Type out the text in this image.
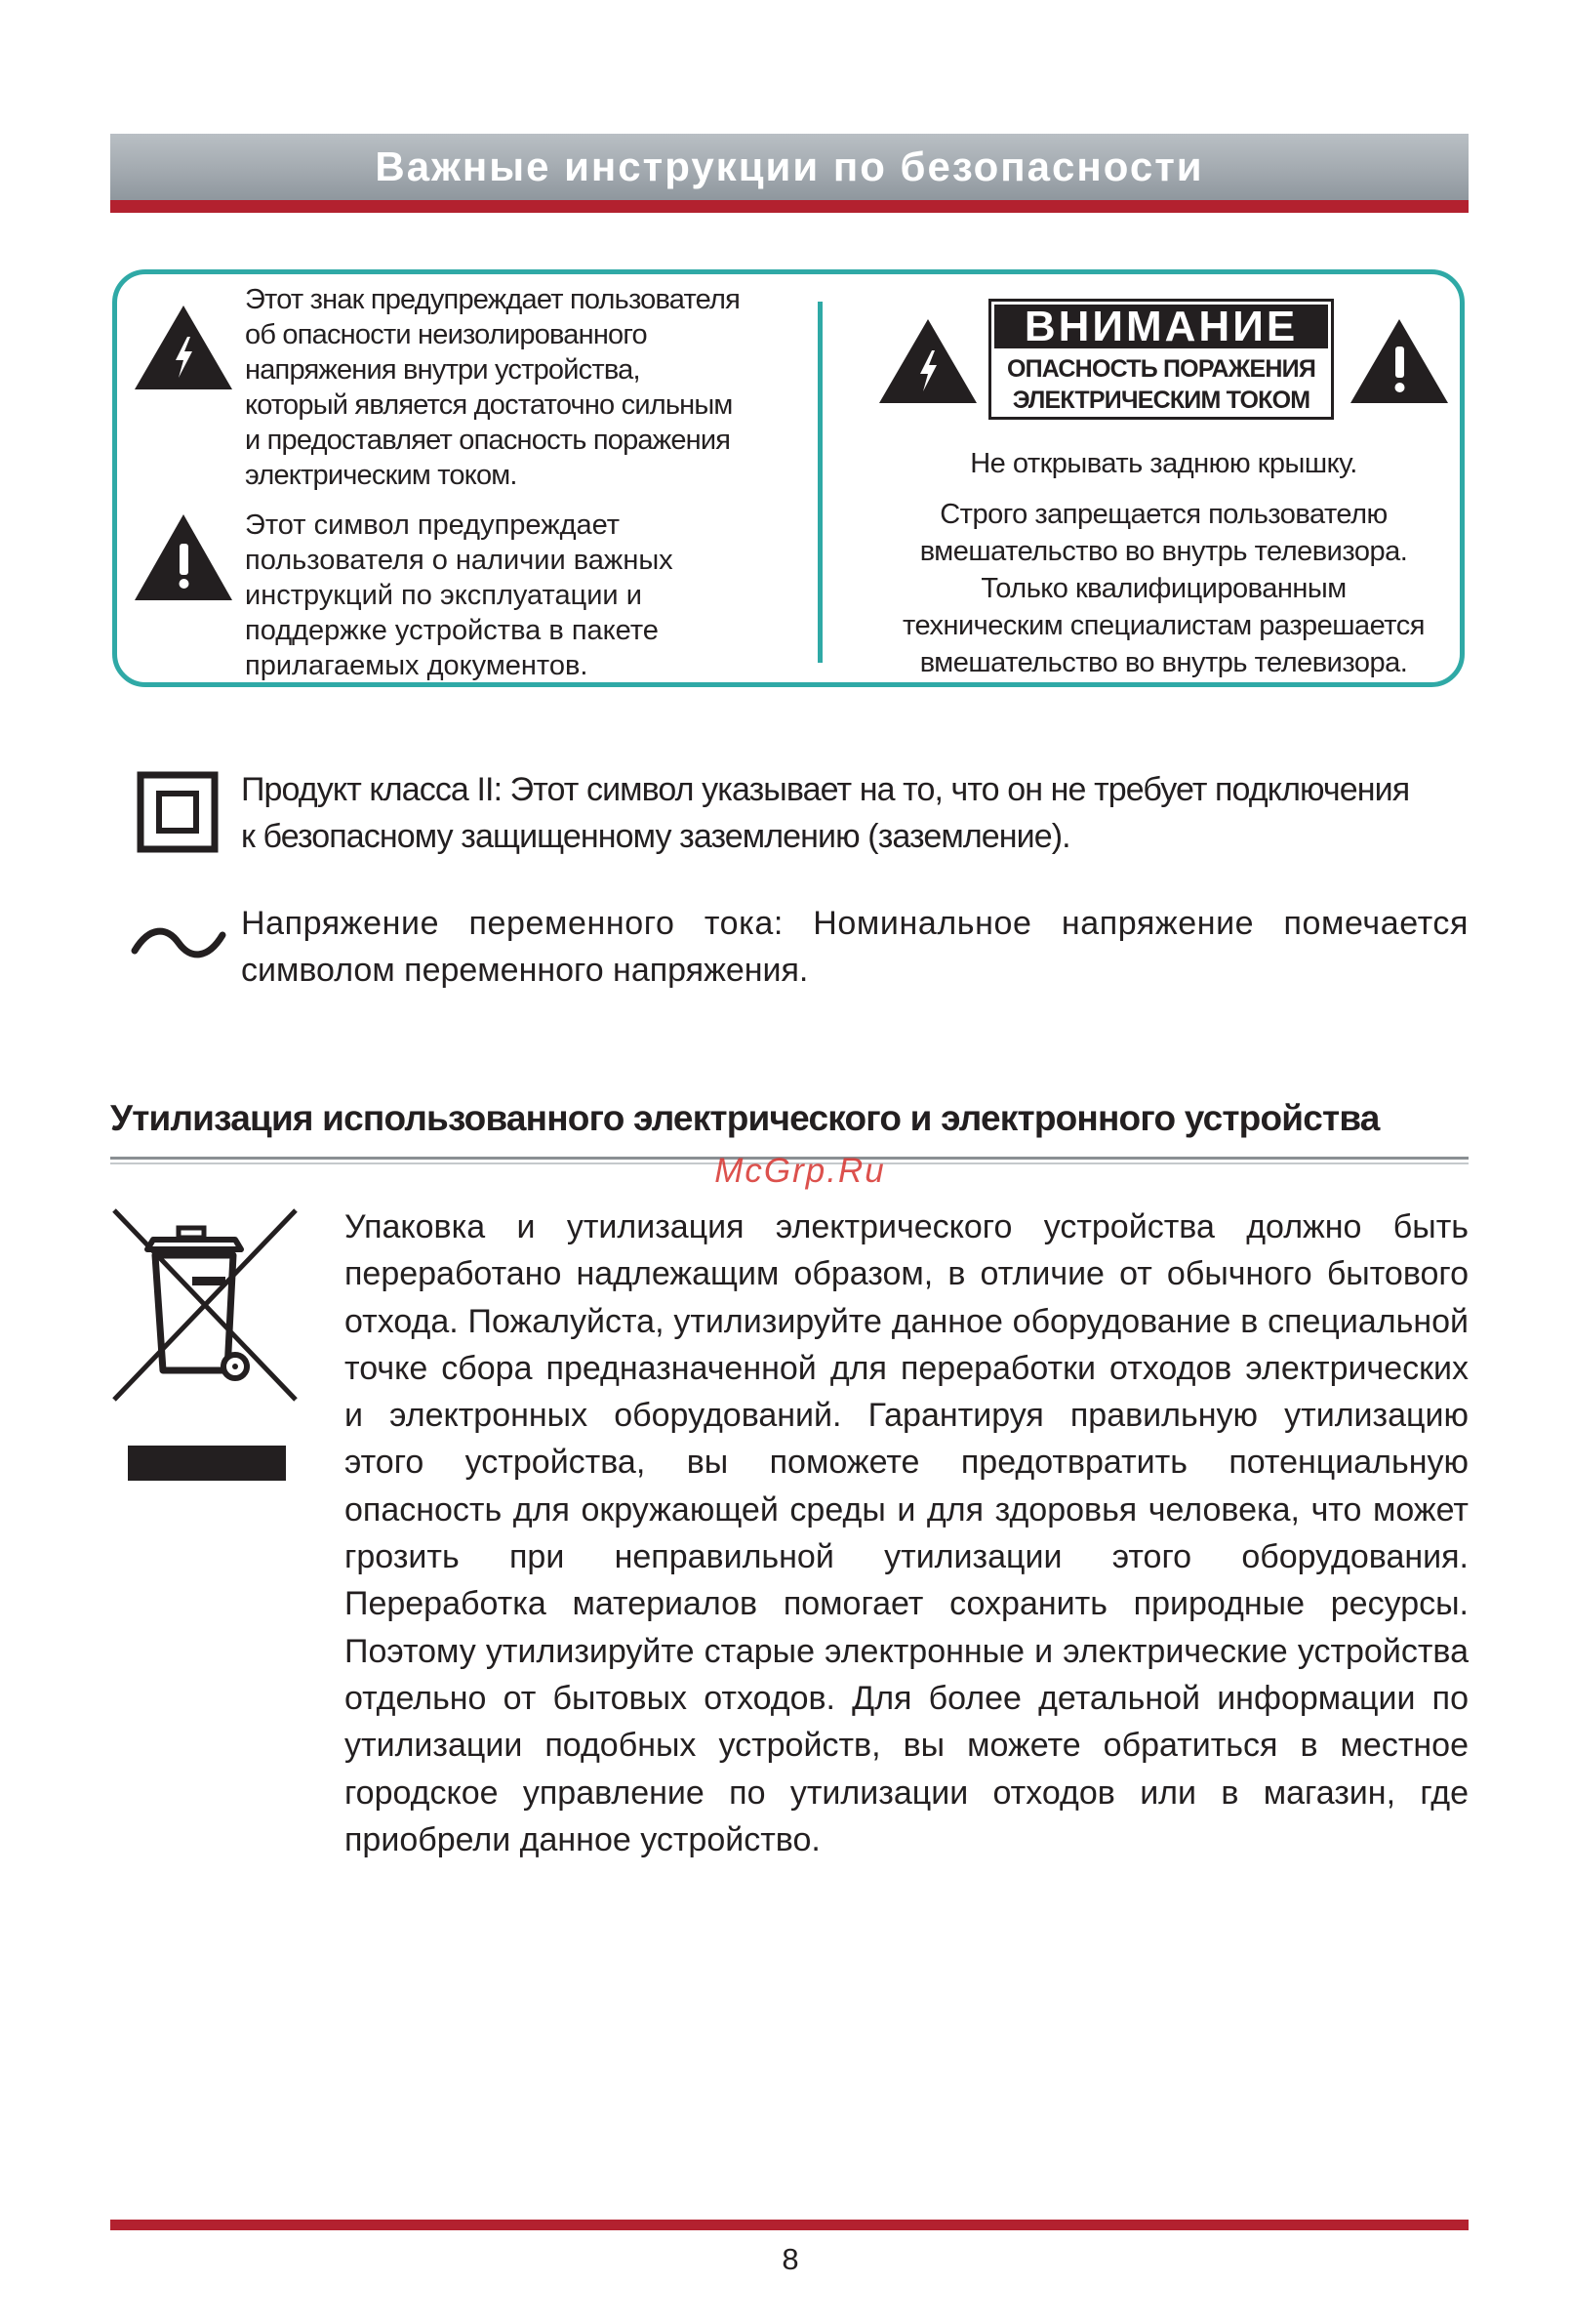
Важные инструкции по безопасности
Этот знак предупреждает пользователя
об опасности неизолированного
напряжения внутри устройства,
который является достаточно сильным
и предоставляет опасность поражения
электрическим током.
Этот символ предупреждает
пользователя о наличии важных
инструкций по эксплуатации и
поддержке устройства в пакете
прилагаемых документов.
ВНИМАНИЕ
ОПАСНОСТЬ ПОРАЖЕНИЯ
ЭЛЕКТРИЧЕСКИМ ТОКОМ
Не открывать заднюю крышку.
Строго запрещается пользователю
вмешательство во внутрь телевизора.
Только квалифицированным
техническим специалистам разрешается
вмешательство во внутрь телевизора.
Продукт класса II: Этот символ указывает на то, что он не требует подключения
к безопасному защищенному заземлению (заземление).
Напряжение переменного тока: Номинальное напряжение помечается
символом переменного напряжения.
Утилизация использованного электрического и электронного устройства
McGrp.Ru
Упаковка и утилизация электрического устройства должно быть переработано надлежащим образом, в отличие от обычного бытового отхода. Пожалуйста, утилизируйте данное оборудование в специальной точке сбора предназначенной для переработки отходов электрических и электронных оборудований. Гарантируя правильную утилизацию этого устройства, вы поможете предотвратить потенциальную опасность для окружающей среды и для здоровья человека, что может грозить при неправильной утилизации этого оборудования. Переработка материалов помогает сохранить природные ресурсы. Поэтому утилизируйте старые электронные и электрические устройства отдельно от бытовых отходов. Для более детальной информации по утилизации подобных устройств, вы можете обратиться в местное городское управление по утилизации отходов или в магазин, где приобрели данное устройство.
8
